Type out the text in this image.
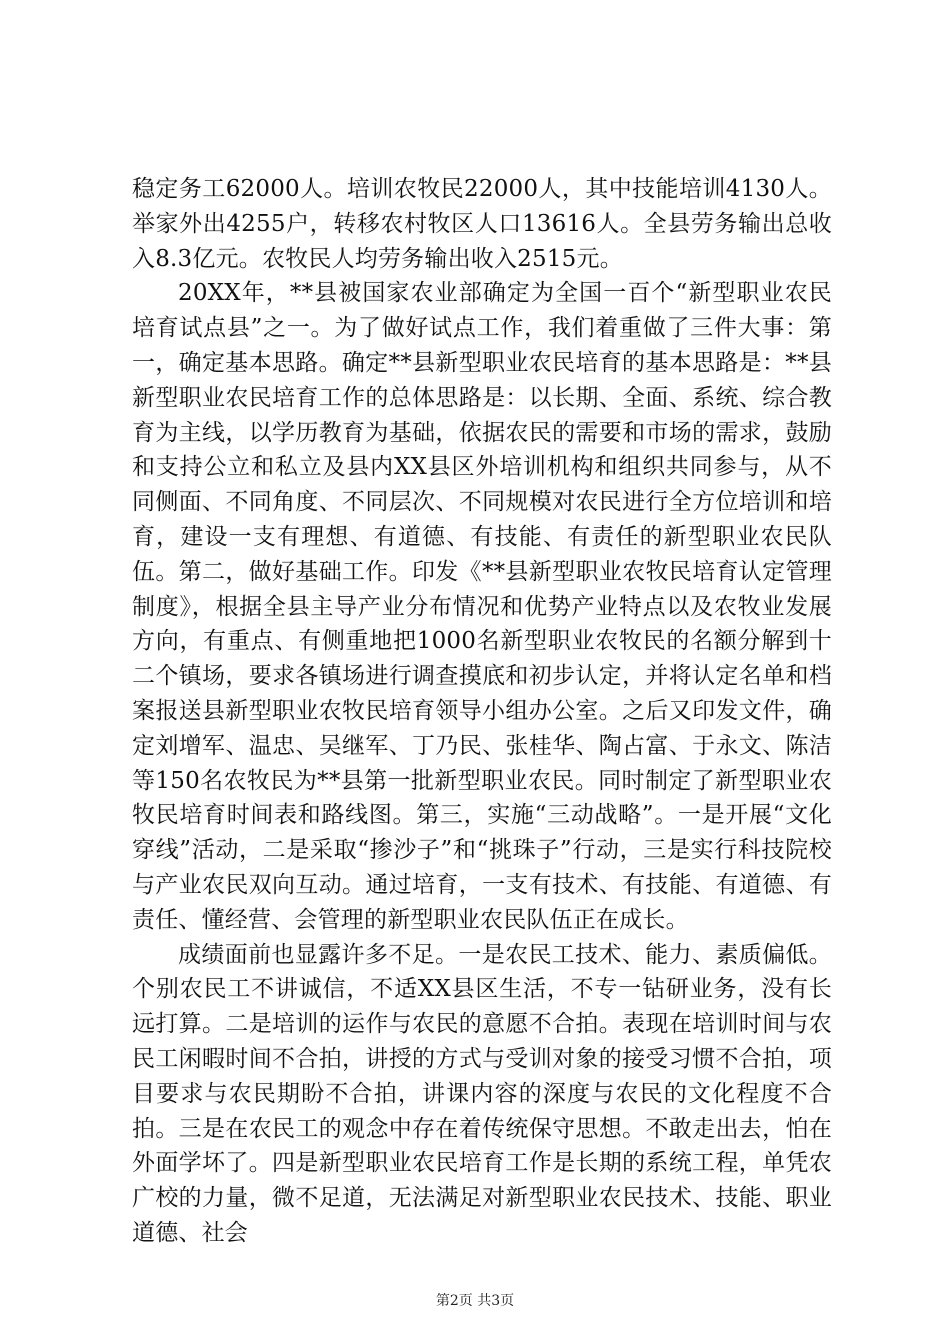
稳定务工62000人。培训农牧民22000人，其中技能培训4130人。举家外出4255户，转移农村牧区人口13616人。全县劳务输出总收入8.3亿元。农牧民人均劳务输出收入2515元。

20XX年，**县被国家农业部确定为全国一百个“新型职业农民培育试点县”之一。为了做好试点工作，我们着重做了三件大事：第一，确定基本思路。确定**县新型职业农民培育的基本思路是：**县新型职业农民培育工作的总体思路是：以长期、全面、系统、综合教育为主线，以学历教育为基础，依据农民的需要和市场的需求，鼓励和支持公立和私立及县内XX县区外培训机构和组织共同参与，从不同侧面、不同角度、不同层次、不同规模对农民进行全方位培训和培育，建设一支有理想、有道德、有技能、有责任的新型职业农民队伍。第二，做好基础工作。印发《**县新型职业农牧民培育认定管理制度》，根据全县主导产业分布情况和优势产业特点以及农牧业发展方向，有重点、有侧重地把1000名新型职业农牧民的名额分解到十二个镇场，要求各镇场进行调查摸底和初步认定，并将认定名单和档案报送县新型职业农牧民培育领导小组办公室。之后又印发文件，确定刘增军、温忠、吴继军、丁乃民、张桂华、陶占富、于永文、陈洁等150名农牧民为**县第一批新型职业农民。同时制定了新型职业农牧民培育时间表和路线图。第三，实施“三动战略”。一是开展“文化穿线”活动，二是采取“掺沙子”和“挑珠子”行动，三是实行科技院校与产业农民双向互动。通过培育，一支有技术、有技能、有道德、有责任、懂经营、会管理的新型职业农民队伍正在成长。

成绩面前也显露许多不足。一是农民工技术、能力、素质偏低。个别农民工不讲诚信，不适XX县区生活，不专一钻研业务，没有长远打算。二是培训的运作与农民的意愿不合拍。表现在培训时间与农民工闲暇时间不合拍，讲授的方式与受训对象的接受习惯不合拍，项目要求与农民期盼不合拍，讲课内容的深度与农民的文化程度不合拍。三是在农民工的观念中存在着传统保守思想。不敢走出去，怕在外面学坏了。四是新型职业农民培育工作是长期的系统工程，单凭农广校的力量，微不足道，无法满足对新型职业农民技术、技能、职业道德、社会

第2页 共3页
